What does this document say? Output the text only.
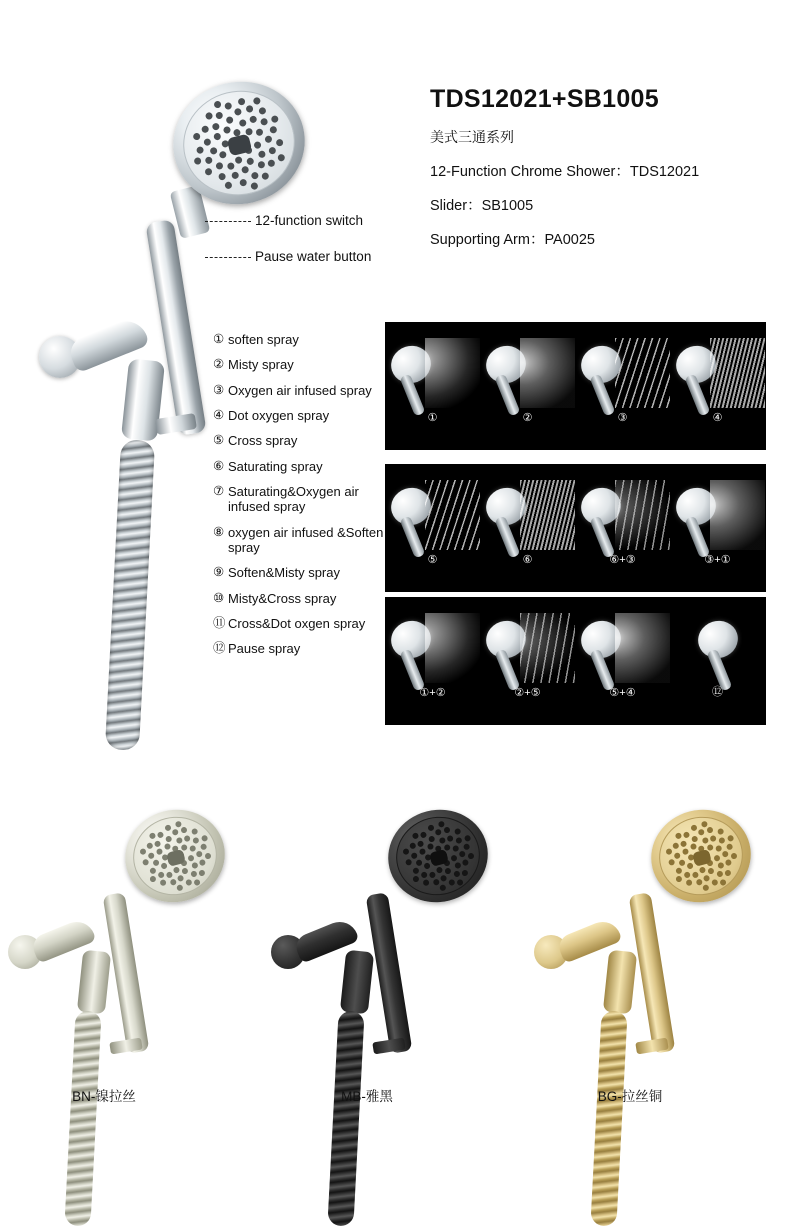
12-function switch
Pause water button
TDS12021+SB1005
美式三通系列
12-Function Chrome Shower：TDS12021
Slider：SB1005
Supporting Arm：PA0025
① soften spray
② Misty spray
③ Oxygen air infused spray
④ Dot oxygen spray
⑤ Cross spray
⑥ Saturating spray
⑦ Saturating&Oxygen air infused spray
⑧ oxygen air infused &Soften spray
⑨ Soften&Misty spray
⑩ Misty&Cross spray
⑪ Cross&Dot oxgen spray
⑫ Pause spray
①	②	③	④
⑤	⑥	⑥+③	③+①
①+②	②+⑤	⑤+④	⑫
BN-镍拉丝	MB-雅黑	BG-拉丝铜
